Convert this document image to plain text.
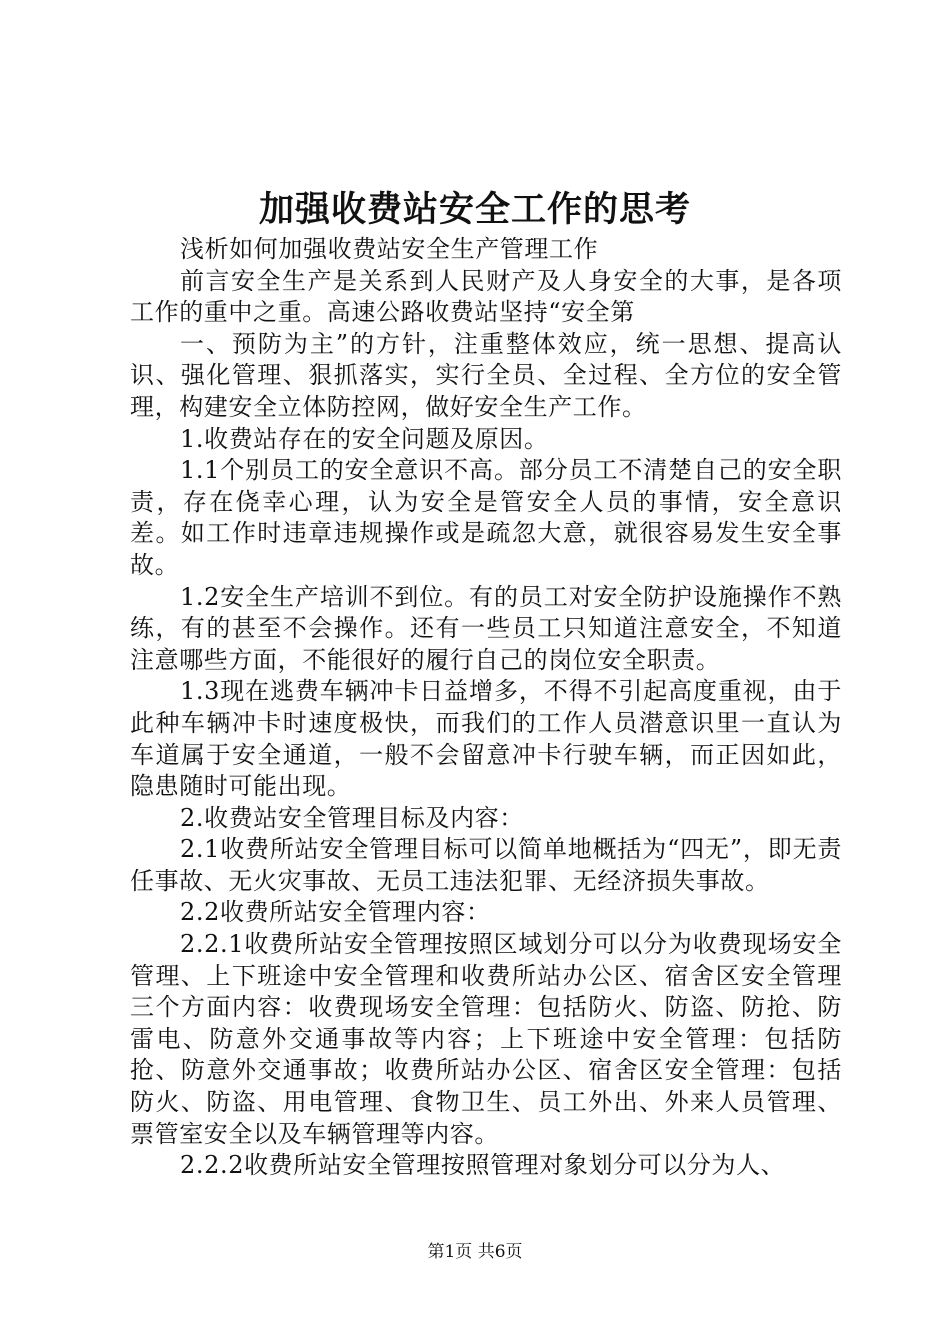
加强收费站安全工作的思考

浅析如何加强收费站安全生产管理工作

前言安全生产是关系到人民财产及人身安全的大事，是各项工作的重中之重。高速公路收费站坚持“安全第

一、预防为主”的方针，注重整体效应，统一思想、提高认识、强化管理、狠抓落实，实行全员、全过程、全方位的安全管理，构建安全立体防控网，做好安全生产工作。

1.收费站存在的安全问题及原因。

1.1个别员工的安全意识不高。部分员工不清楚自己的安全职责，存在侥幸心理，认为安全是管安全人员的事情，安全意识差。如工作时违章违规操作或是疏忽大意，就很容易发生安全事故。

1.2安全生产培训不到位。有的员工对安全防护设施操作不熟练，有的甚至不会操作。还有一些员工只知道注意安全，不知道注意哪些方面，不能很好的履行自己的岗位安全职责。

1.3现在逃费车辆冲卡日益增多，不得不引起高度重视，由于此种车辆冲卡时速度极快，而我们的工作人员潜意识里一直认为车道属于安全通道，一般不会留意冲卡行驶车辆，而正因如此，隐患随时可能出现。

2.收费站安全管理目标及内容：

2.1收费所站安全管理目标可以简单地概括为“四无”，即无责任事故、无火灾事故、无员工违法犯罪、无经济损失事故。

2.2收费所站安全管理内容：

2.2.1收费所站安全管理按照区域划分可以分为收费现场安全管理、上下班途中安全管理和收费所站办公区、宿舍区安全管理三个方面内容：收费现场安全管理：包括防火、防盗、防抢、防雷电、防意外交通事故等内容；上下班途中安全管理：包括防抢、防意外交通事故；收费所站办公区、宿舍区安全管理：包括防火、防盗、用电管理、食物卫生、员工外出、外来人员管理、票管室安全以及车辆管理等内容。

2.2.2收费所站安全管理按照管理对象划分可以分为人、

第1页 共6页
